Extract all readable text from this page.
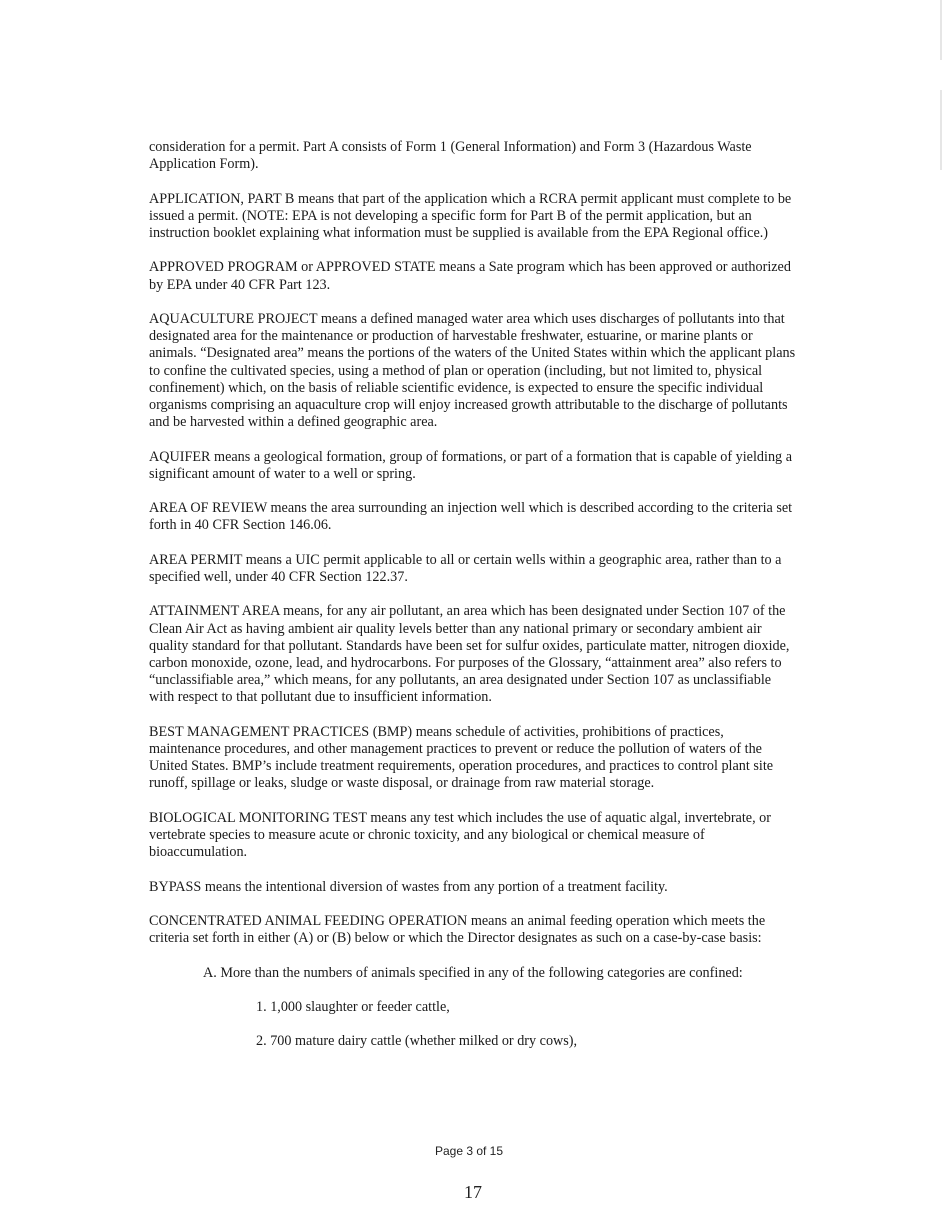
consideration for a permit. Part A consists of Form 1 (General Information) and Form 3 (Hazardous Waste Application Form).

APPLICATION, PART B means that part of the application which a RCRA permit applicant must complete to be issued a permit. (NOTE: EPA is not developing a specific form for Part B of the permit application, but an instruction booklet explaining what information must be supplied is available from the EPA Regional office.)

APPROVED PROGRAM or APPROVED STATE means a Sate program which has been approved or authorized by EPA under 40 CFR Part 123.

AQUACULTURE PROJECT means a defined managed water area which uses discharges of pollutants into that designated area for the maintenance or production of harvestable freshwater, estuarine, or marine plants or animals. “Designated area” means the portions of the waters of the United States within which the applicant plans to confine the cultivated species, using a method of plan or operation (including, but not limited to, physical confinement) which, on the basis of reliable scientific evidence, is expected to ensure the specific individual organisms comprising an aquaculture crop will enjoy increased growth attributable to the discharge of pollutants and be harvested within a defined geographic area.

AQUIFER means a geological formation, group of formations, or part of a formation that is capable of yielding a significant amount of water to a well or spring.

AREA OF REVIEW means the area surrounding an injection well which is described according to the criteria set forth in 40 CFR Section 146.06.

AREA PERMIT means a UIC permit applicable to all or certain wells within a geographic area, rather than to a specified well, under 40 CFR Section 122.37.

ATTAINMENT AREA means, for any air pollutant, an area which has been designated under Section 107 of the Clean Air Act as having ambient air quality levels better than any national primary or secondary ambient air quality standard for that pollutant. Standards have been set for sulfur oxides, particulate matter, nitrogen dioxide, carbon monoxide, ozone, lead, and hydrocarbons. For purposes of the Glossary, “attainment area” also refers to “unclassifiable area,” which means, for any pollutants, an area designated under Section 107 as unclassifiable with respect to that pollutant due to insufficient information.

BEST MANAGEMENT PRACTICES (BMP) means schedule of activities, prohibitions of practices, maintenance procedures, and other management practices to prevent or reduce the pollution of waters of the United States. BMP’s include treatment requirements, operation procedures, and practices to control plant site runoff, spillage or leaks, sludge or waste disposal, or drainage from raw material storage.

BIOLOGICAL MONITORING TEST means any test which includes the use of aquatic algal, invertebrate, or vertebrate species to measure acute or chronic toxicity, and any biological or chemical measure of bioaccumulation.

BYPASS means the intentional diversion of wastes from any portion of a treatment facility.

CONCENTRATED ANIMAL FEEDING OPERATION means an animal feeding operation which meets the criteria set forth in either (A) or (B) below or which the Director designates as such on a case-by-case basis:

A. More than the numbers of animals specified in any of the following categories are confined:

1. 1,000 slaughter or feeder cattle,

2. 700 mature dairy cattle (whether milked or dry cows),

Page 3 of 15
17
